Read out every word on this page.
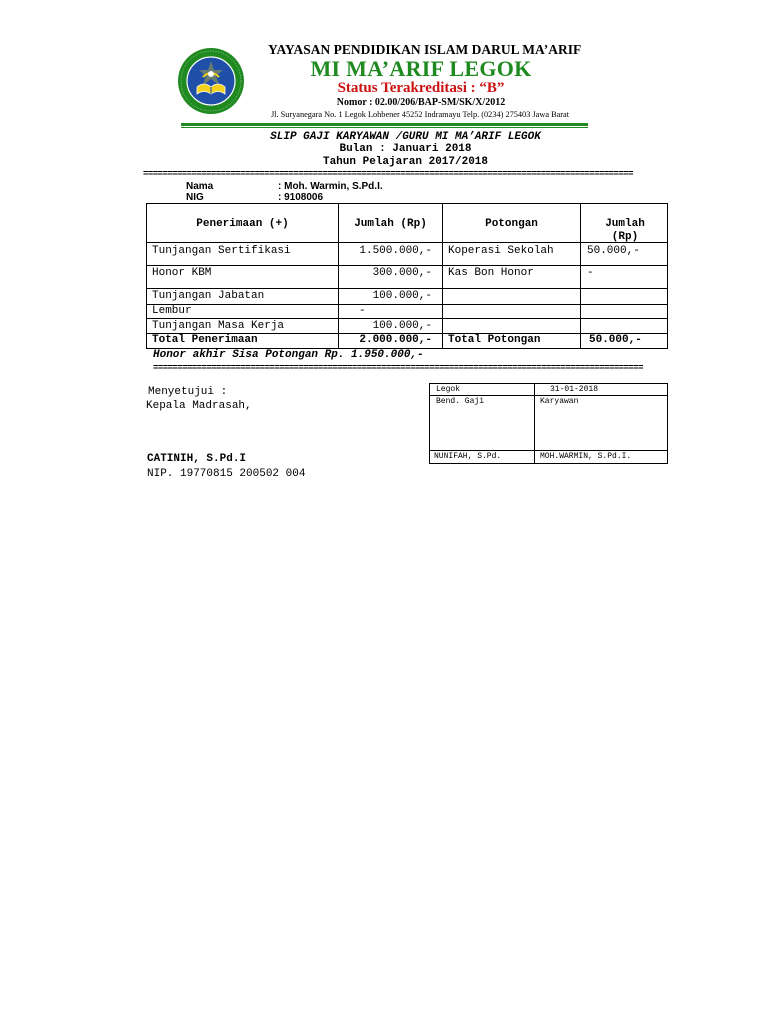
YAYASAN PENDIDIKAN ISLAM DARUL MA’ARIF
MI MA’ARIF LEGOK
Status Terakreditasi : “B”
Nomor : 02.00/206/BAP-SM/SK/X/2012
Jl. Suryanegara No. 1 Legok Lohbener 45252 Indramayu Telp. (0234) 275403 Jawa Barat
SLIP GAJI KARYAWAN /GURU MI MA’ARIF LEGOK
Bulan : Januari 2018
Tahun Pelajaran 2017/2018
=====================================================================================================
Nama	: Moh. Warmin, S.Pd.I.
NIG	: 9108006
Penerimaan (+)	Jumlah (Rp)	Potongan	Jumlah
(Rp)
Tunjangan Sertifikasi	1.500.000,- Koperasi Sekolah	50.000,-
Honor KBM	300.000,- Kas Bon Honor	-
Tunjangan Jabatan	100.000,-
Lembur	-
Tunjangan Masa Kerja	100.000,-
Total Penerimaan	2.000.000,- Total Potongan	50.000,-
Honor akhir Sisa Potongan Rp. 1.950.000,-
=====================================================================================================
Menyetujui :
Kepala Madrasah,
CATINIH, S.Pd.I
NIP. 19770815 200502 004
Legok	31-01-2018
Bend. Gaji	Karyawan
NUNIFAH, S.Pd.	MOH.WARMIN, S.Pd.I.
